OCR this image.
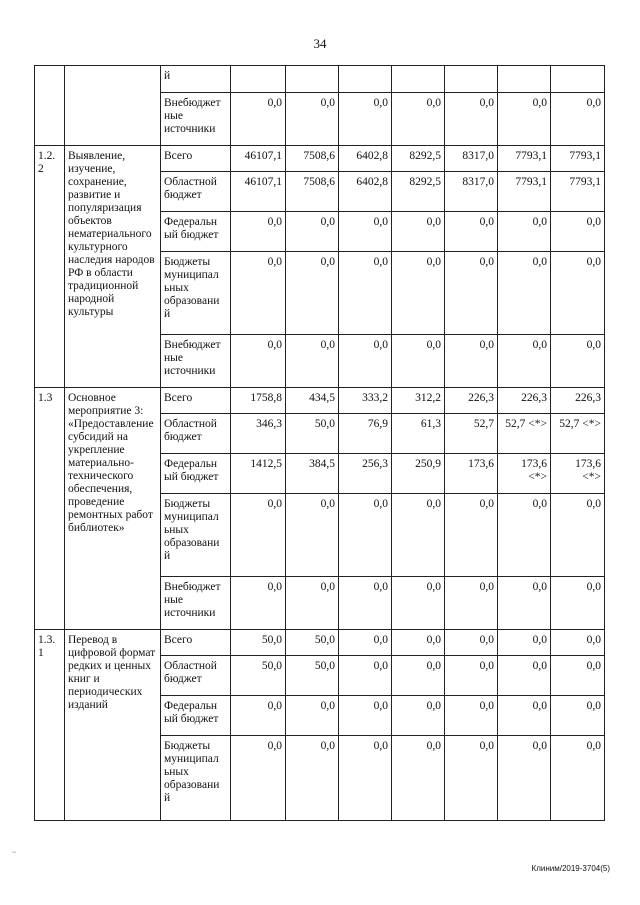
34
		й							
		Внебюджет ные источники	0,0	0,0	0,0	0,0	0,0	0,0	0,0
1.2. 2	Выявление, изучение, сохранение, развитие и популяризация объектов нематериального культурного наследия народов РФ в области традиционной народной культуры	Всего	46107,1	7508,6	6402,8	8292,5	8317,0	7793,1	7793,1
		Областной бюджет	46107,1	7508,6	6402,8	8292,5	8317,0	7793,1	7793,1
		Федеральн ый бюджет	0,0	0,0	0,0	0,0	0,0	0,0	0,0
		Бюджеты муниципал ьных образовани й	0,0	0,0	0,0	0,0	0,0	0,0	0,0
		Внебюджет ные источники	0,0	0,0	0,0	0,0	0,0	0,0	0,0
1.3	Основное мероприятие 3: «Предоставление субсидий на укрепление материально-технического обеспечения, проведение ремонтных работ библиотек»	Всего	1758,8	434,5	333,2	312,2	226,3	226,3	226,3
		Областной бюджет	346,3	50,0	76,9	61,3	52,7	52,7 <*>	52,7 <*>
		Федеральн ый бюджет	1412,5	384,5	256,3	250,9	173,6	173,6 <*>	173,6 <*>
		Бюджеты муниципал ьных образовани й	0,0	0,0	0,0	0,0	0,0	0,0	0,0
		Внебюджет ные источники	0,0	0,0	0,0	0,0	0,0	0,0	0,0
1.3. 1	Перевод в цифровой формат редких и ценных книг и периодических изданий	Всего	50,0	50,0	0,0	0,0	0,0	0,0	0,0
		Областной бюджет	50,0	50,0	0,0	0,0	0,0	0,0	0,0
		Федеральн ый бюджет	0,0	0,0	0,0	0,0	0,0	0,0	0,0
		Бюджеты муниципал ьных образовани й	0,0	0,0	0,0	0,0	0,0	0,0	0,0
~
Клиним/2019-3704(5)
